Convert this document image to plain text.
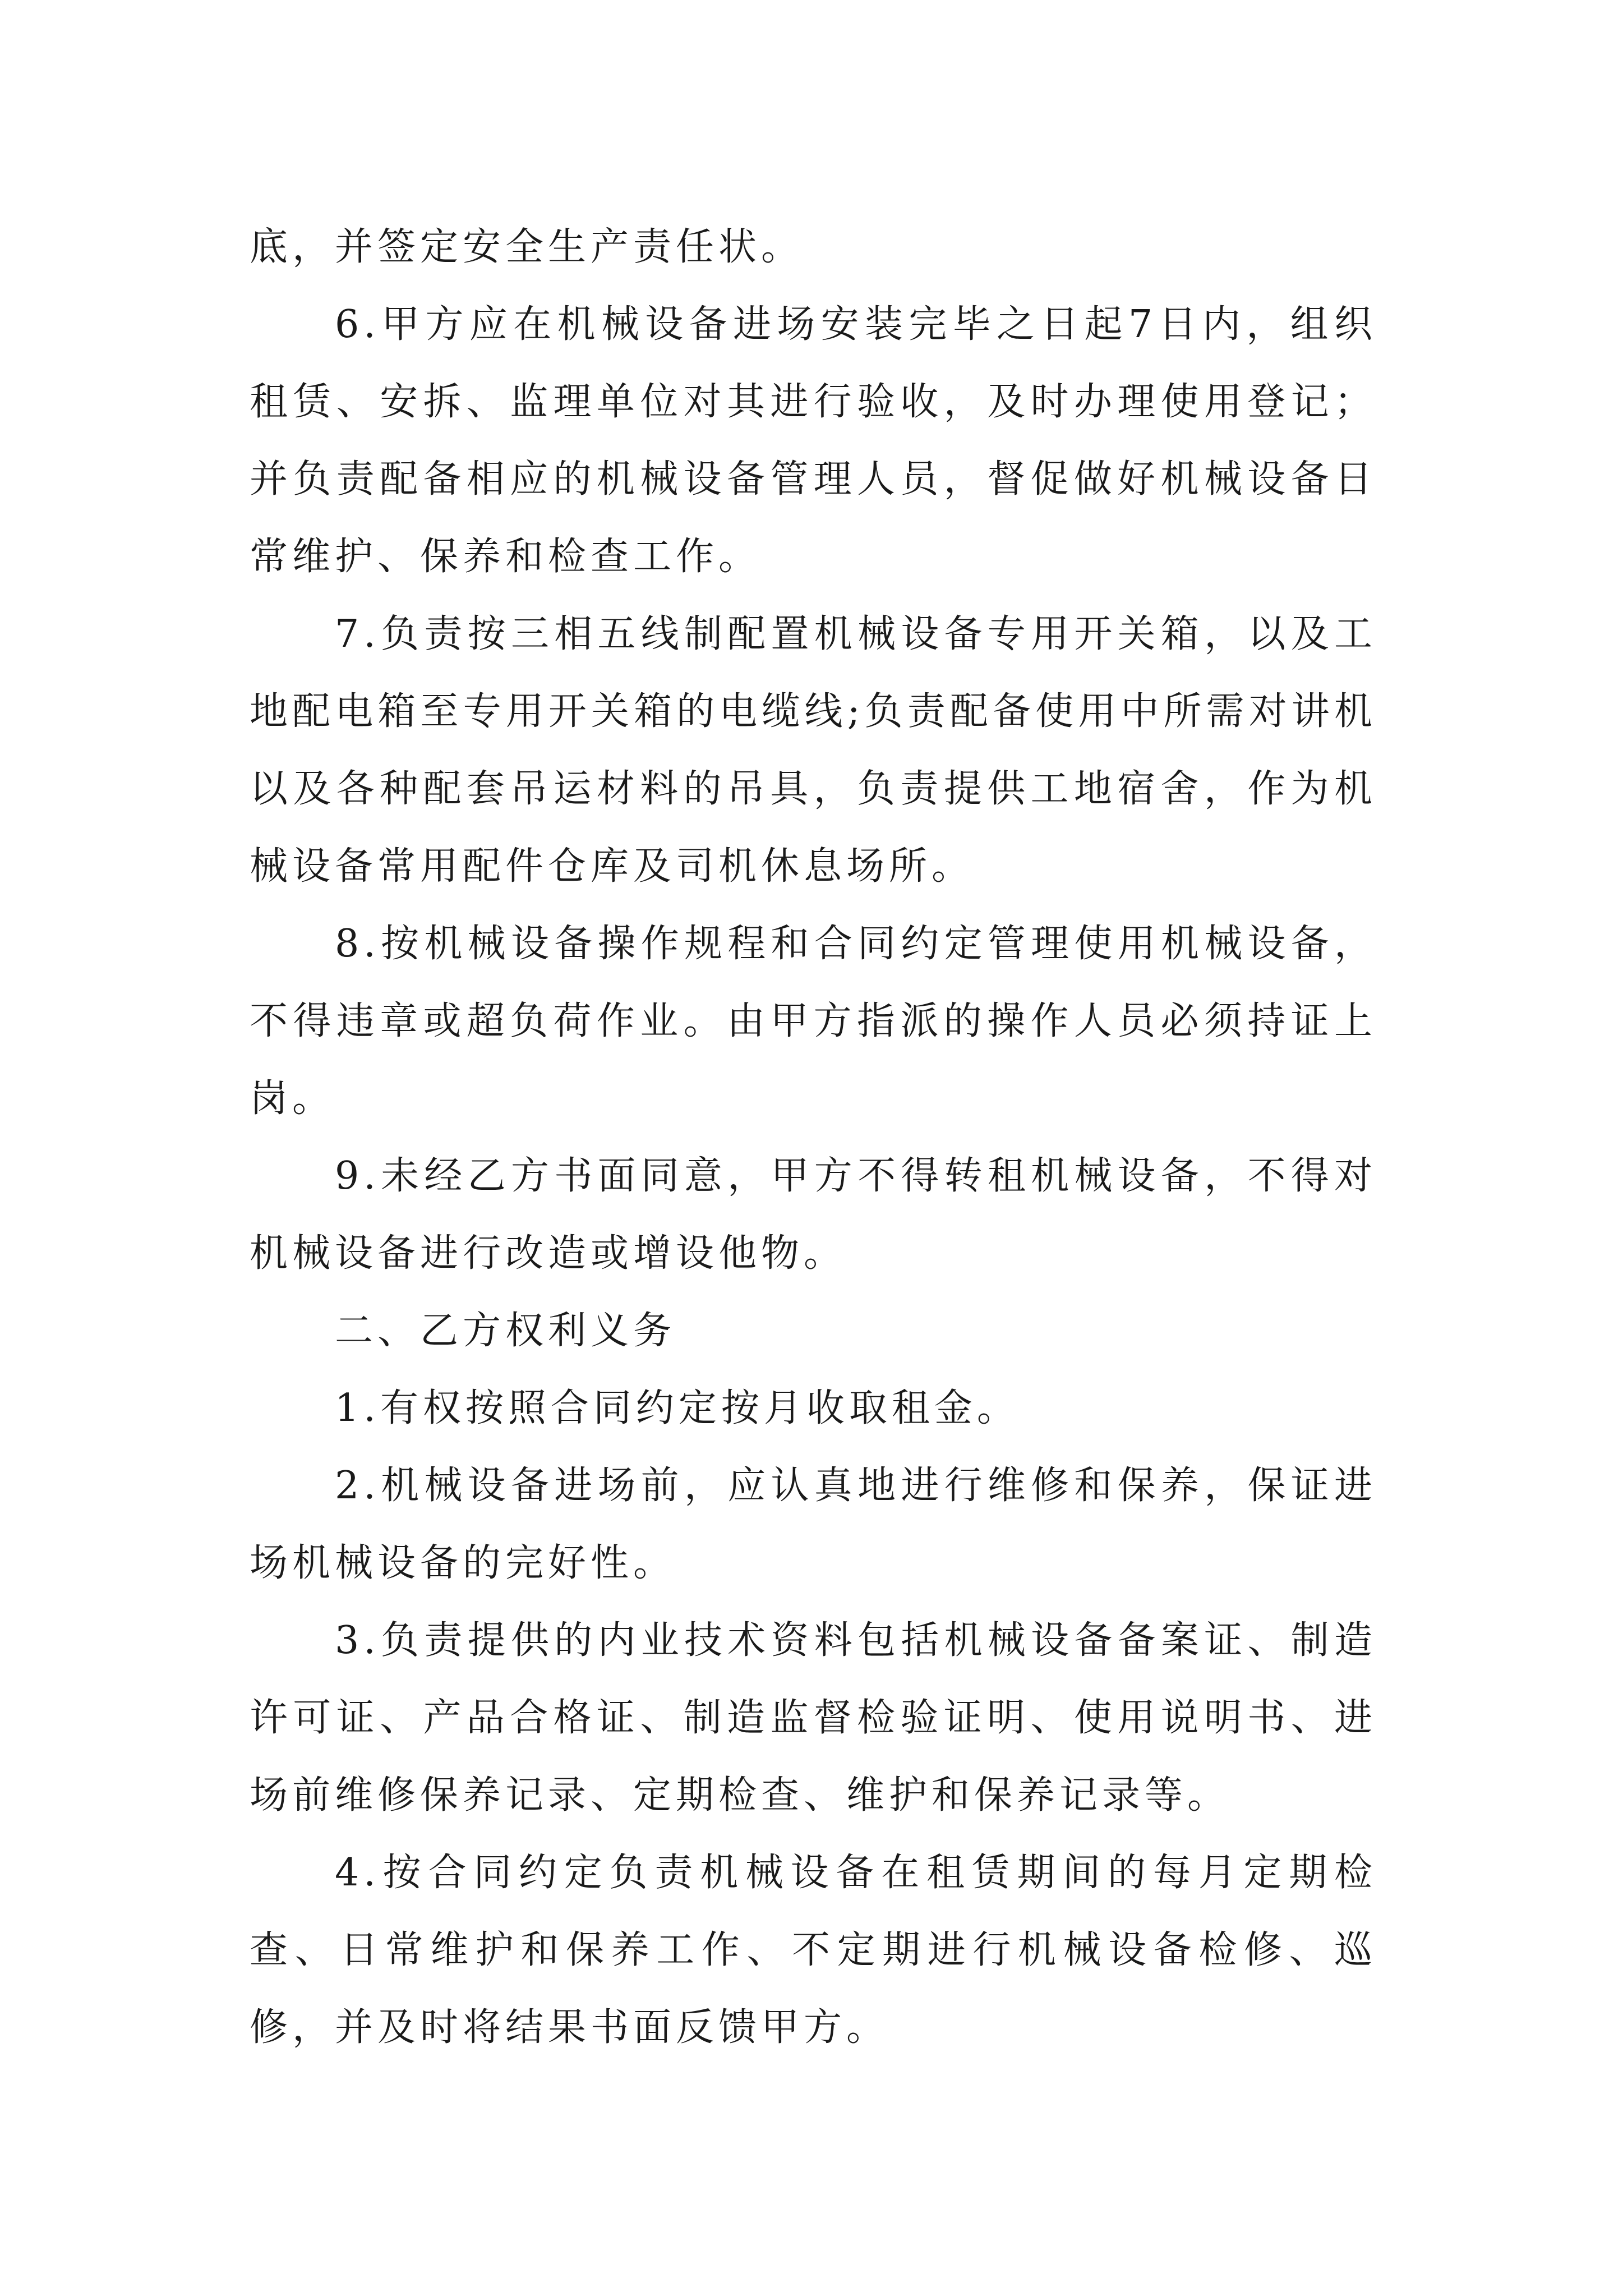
底，并签定安全生产责任状。

6.甲方应在机械设备进场安装完毕之日起7日内，组织租赁、安拆、监理单位对其进行验收，及时办理使用登记；并负责配备相应的机械设备管理人员，督促做好机械设备日常维护、保养和检查工作。

7.负责按三相五线制配置机械设备专用开关箱，以及工地配电箱至专用开关箱的电缆线;负责配备使用中所需对讲机以及各种配套吊运材料的吊具，负责提供工地宿舍，作为机械设备常用配件仓库及司机休息场所。

8.按机械设备操作规程和合同约定管理使用机械设备，不得违章或超负荷作业。由甲方指派的操作人员必须持证上岗。

9.未经乙方书面同意，甲方不得转租机械设备，不得对机械设备进行改造或增设他物。

二、乙方权利义务

1.有权按照合同约定按月收取租金。

2.机械设备进场前，应认真地进行维修和保养，保证进场机械设备的完好性。

3.负责提供的内业技术资料包括机械设备备案证、制造许可证、产品合格证、制造监督检验证明、使用说明书、进场前维修保养记录、定期检查、维护和保养记录等。

4.按合同约定负责机械设备在租赁期间的每月定期检查、日常维护和保养工作、不定期进行机械设备检修、巡修，并及时将结果书面反馈甲方。
